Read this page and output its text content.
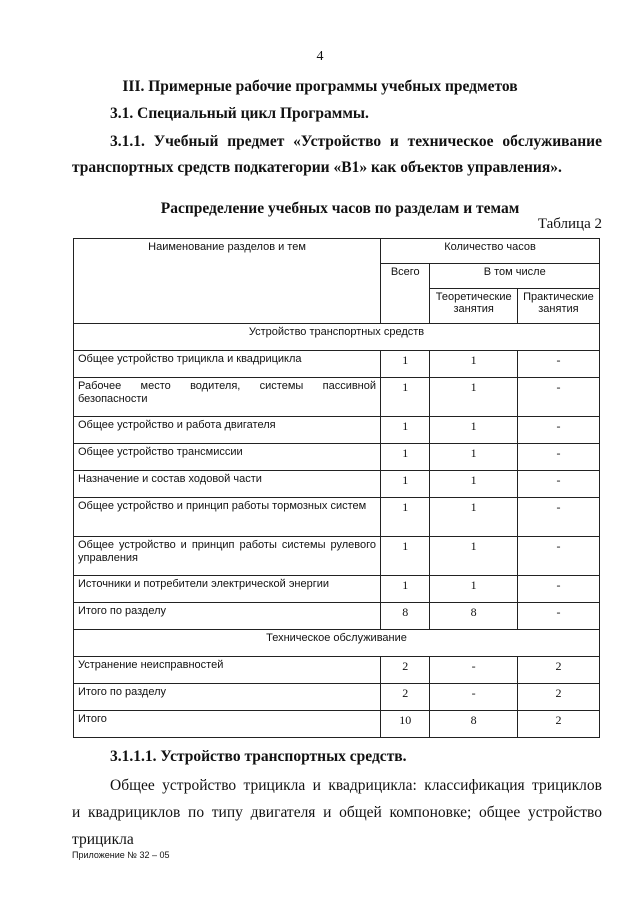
4
III. Примерные рабочие программы учебных предметов
3.1. Специальный цикл Программы.
3.1.1. Учебный предмет «Устройство и техническое обслуживание
транспортных средств подкатегории «В1» как объектов управления».
Распределение учебных часов по разделам и темам
Таблица 2
Наименование разделов и тем	Количество часов		
	Всего	В том числе	
		Теоретические занятия	Практические занятия
Устройство транспортных средств			
Общее устройство трицикла и квадрицикла	1	1	-
Рабочее место водителя, системы пассивной безопасности	1	1	-
Общее устройство и работа двигателя	1	1	-
Общее устройство трансмиссии	1	1	-
Назначение и состав ходовой части	1	1	-
Общее устройство и принцип работы тормозных систем	1	1	-
Общее устройство и принцип работы системы рулевого управления	1	1	-
Источники и потребители электрической энергии	1	1	-
Итого по разделу	8	8	-
Техническое обслуживание			
Устранение неисправностей	2	-	2
Итого по разделу	2	-	2
Итого	10	8	2
3.1.1.1. Устройство транспортных средств.
Общее устройство трицикла и квадрицикла: классификация трициклов
и квадрициклов по типу двигателя и общей компоновке; общее устройство трицикла
Приложение № 32 – 05
